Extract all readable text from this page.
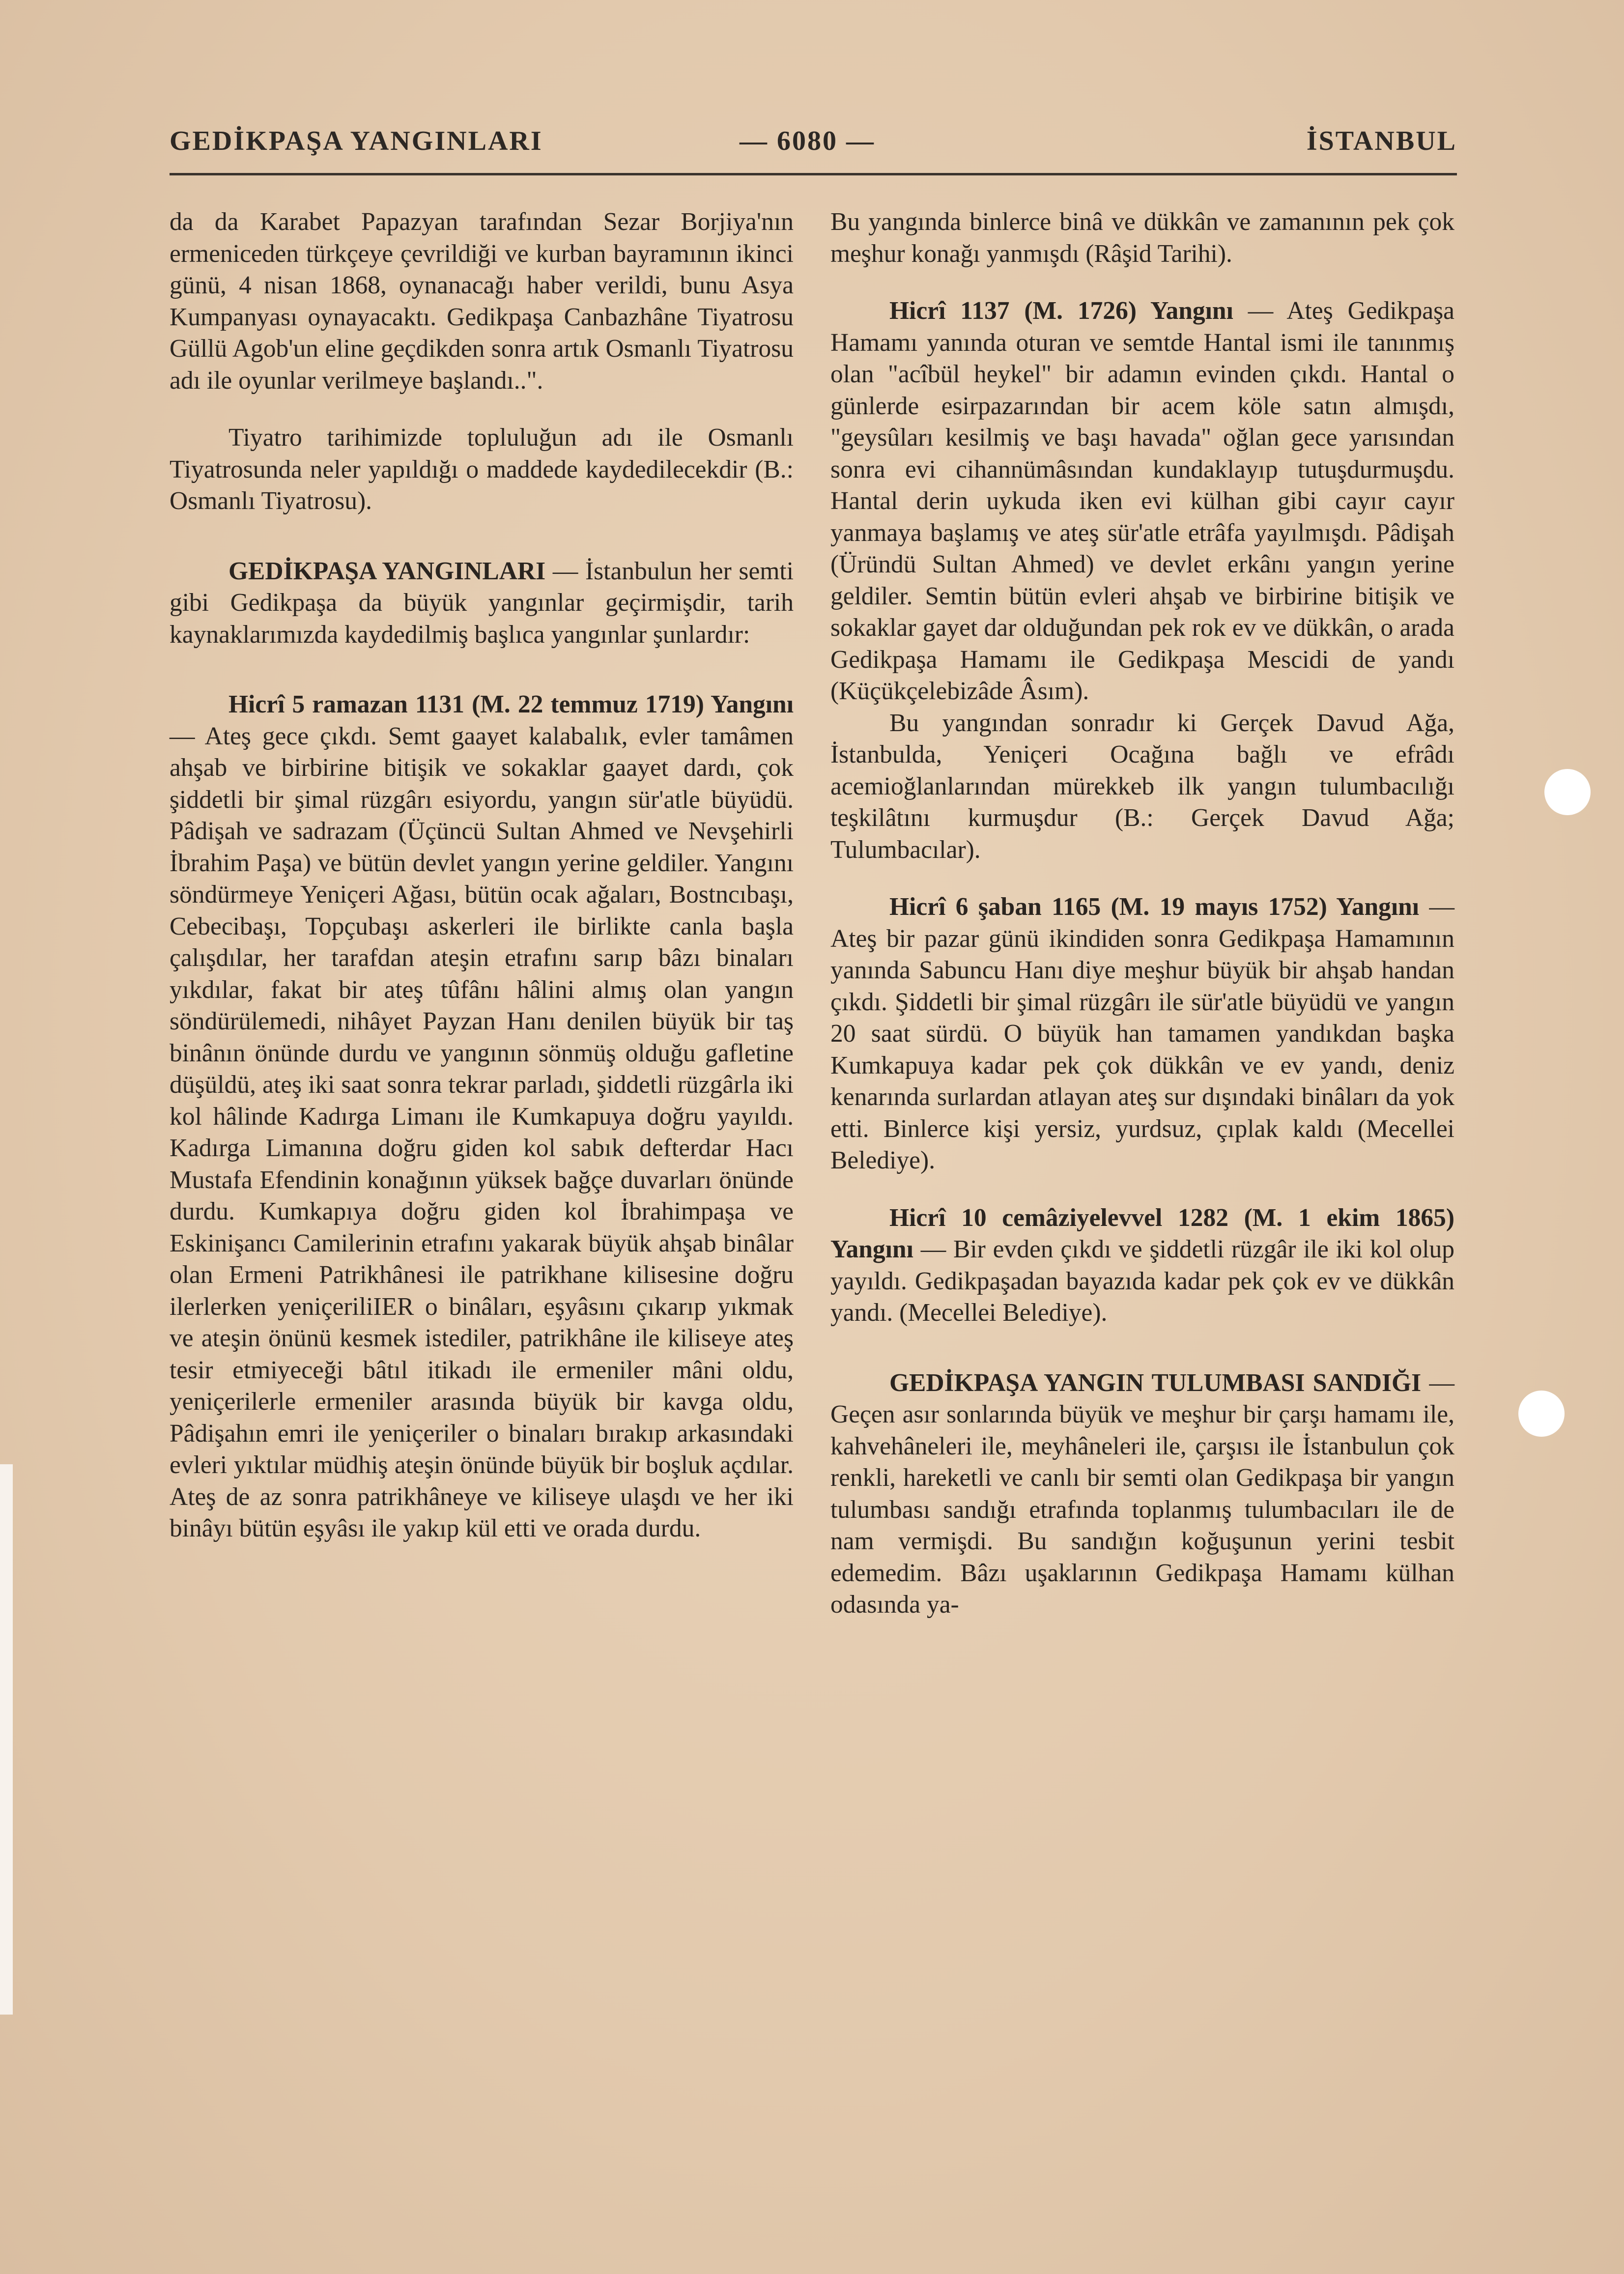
GEDİKPAŞA YANGINLARI	— 6080 —	İSTANBUL

da da Karabet Papazyan tarafından Sezar Borjiya'nın ermeniceden türkçeye çevrildiği ve kurban bayramının ikinci günü, 4 nisan 1868, oynanacağı haber verildi, bunu Asya Kumpanyası oynayacaktı. Gedikpaşa Canbazhâne Tiyatrosu Güllü Agob'un eline geçdikden sonra artık Osmanlı Tiyatrosu adı ile oyunlar verilmeye başlandı..".

Tiyatro tarihimizde topluluğun adı ile Osmanlı Tiyatrosunda neler yapıldığı o maddede kaydedilecekdir (B.: Osmanlı Tiyatrosu).

GEDİKPAŞA YANGINLARI — İstanbulun her semti gibi Gedikpaşa da büyük yangınlar geçirmişdir, tarih kaynaklarımızda kaydedilmiş başlıca yangınlar şunlardır:

Hicrî 5 ramazan 1131 (M. 22 temmuz 1719) Yangını — Ateş gece çıkdı. Semt gaayet kalabalık, evler tamâmen ahşab ve birbirine bitişik ve sokaklar gaayet dardı, çok şiddetli bir şimal rüzgârı esiyordu, yangın sür'atle büyüdü. Pâdişah ve sadrazam (Üçüncü Sultan Ahmed ve Nevşehirli İbrahim Paşa) ve bütün devlet yangın yerine geldiler. Yangını söndürmeye Yeniçeri Ağası, bütün ocak ağaları, Bostncıbaşı, Cebecibaşı, Topçubaşı askerleri ile birlikte canla başla çalışdılar, her tarafdan ateşin etrafını sarıp bâzı binaları yıkdılar, fakat bir ateş tûfânı hâlini almış olan yangın söndürülemedi, nihâyet Payzan Hanı denilen büyük bir taş binânın önünde durdu ve yangının sönmüş olduğu gafletine düşüldü, ateş iki saat sonra tekrar parladı, şiddetli rüzgârla iki kol hâlinde Kadırga Limanı ile Kumkapuya doğru yayıldı. Kadırga Limanına doğru giden kol sabık defterdar Hacı Mustafa Efendinin konağının yüksek bağçe duvarları önünde durdu. Kumkapıya doğru giden kol İbrahimpaşa ve Eskinişancı Camilerinin etrafını yakarak büyük ahşab binâlar olan Ermeni Patrikhânesi ile patrikhane kilisesine doğru ilerlerken yeniçeriliIER o binâları, eşyâsını çıkarıp yıkmak ve ateşin önünü kesmek istediler, patrikhâne ile kiliseye ateş tesir etmiyeceği bâtıl itikadı ile ermeniler mâni oldu, yeniçerilerle ermeniler arasında büyük bir kavga oldu, Pâdişahın emri ile yeniçeriler o binaları bırakıp arkasındaki evleri yıktılar müdhiş ateşin önünde büyük bir boşluk açdılar. Ateş de az sonra patrikhâneye ve kiliseye ulaşdı ve her iki binâyı bütün eşyâsı ile yakıp kül etti ve orada durdu.

Bu yangında binlerce binâ ve dükkân ve zamanının pek çok meşhur konağı yanmışdı (Râşid Tarihi).

Hicrî 1137 (M. 1726) Yangını — Ateş Gedikpaşa Hamamı yanında oturan ve semtde Hantal ismi ile tanınmış olan "acîbül heykel" bir adamın evinden çıkdı. Hantal o günlerde esirpazarından bir acem köle satın almışdı, "geysûları kesilmiş ve başı havada" oğlan gece yarısından sonra evi cihannümâsından kundaklayıp tutuşdurmuşdu. Hantal derin uykuda iken evi külhan gibi cayır cayır yanmaya başlamış ve ateş sür'atle etrâfa yayılmışdı. Pâdişah (Üründü Sultan Ahmed) ve devlet erkânı yangın yerine geldiler. Semtin bütün evleri ahşab ve birbirine bitişik ve sokaklar gayet dar olduğundan pek rok ev ve dükkân, o arada Gedikpaşa Hamamı ile Gedikpaşa Mescidi de yandı (Küçükçelebizâde Âsım).

Bu yangından sonradır ki Gerçek Davud Ağa, İstanbulda, Yeniçeri Ocağına bağlı ve efrâdı acemioğlanlarından mürekkeb ilk yangın tulumbacılığı teşkilâtını kurmuşdur (B.: Gerçek Davud Ağa; Tulumbacılar).

Hicrî 6 şaban 1165 (M. 19 mayıs 1752) Yangını — Ateş bir pazar günü ikindiden sonra Gedikpaşa Hamamının yanında Sabuncu Hanı diye meşhur büyük bir ahşab handan çıkdı. Şiddetli bir şimal rüzgârı ile sür'atle büyüdü ve yangın 20 saat sürdü. O büyük han tamamen yandıkdan başka Kumkapuya kadar pek çok dükkân ve ev yandı, deniz kenarında surlardan atlayan ateş sur dışındaki binâları da yok etti. Binlerce kişi yersiz, yurdsuz, çıplak kaldı (Mecellei Belediye).

Hicrî 10 cemâziyelevvel 1282 (M. 1 ekim 1865) Yangını — Bir evden çıkdı ve şiddetli rüzgâr ile iki kol olup yayıldı. Gedikpaşadan bayazıda kadar pek çok ev ve dükkân yandı. (Mecellei Belediye).

GEDİKPAŞA YANGIN TULUMBASI SANDIĞI — Geçen asır sonlarında büyük ve meşhur bir çarşı hamamı ile, kahvehâneleri ile, meyhâneleri ile, çarşısı ile İstanbulun çok renkli, hareketli ve canlı bir semti olan Gedikpaşa bir yangın tulumbası sandığı etrafında toplanmış tulumbacıları ile de nam vermişdi. Bu sandığın koğuşunun yerini tesbit edemedim. Bâzı uşaklarının Gedikpaşa Hamamı külhan odasında ya-
